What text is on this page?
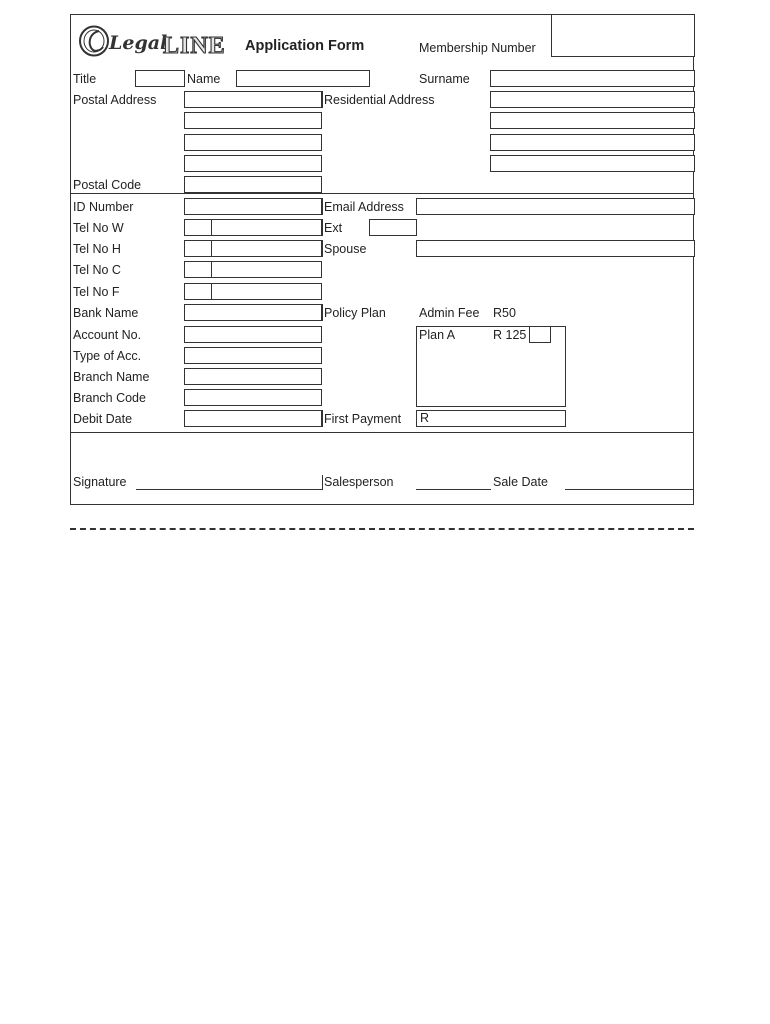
Legal
LINE Application Form	Membership Number
Title	Name	Surname
Postal Address	Residential Address
Postal Code
ID Number	Email Address
Tel No W	Ext
Tel No H	Spouse
Tel No C
Tel No F
Bank Name	Policy Plan	Admin Fee R50
Account No.	Plan A	R 125
Type of Acc.
Branch Name
Branch Code
Debit Date	First Payment	R
Signature	Salesperson	Sale Date
